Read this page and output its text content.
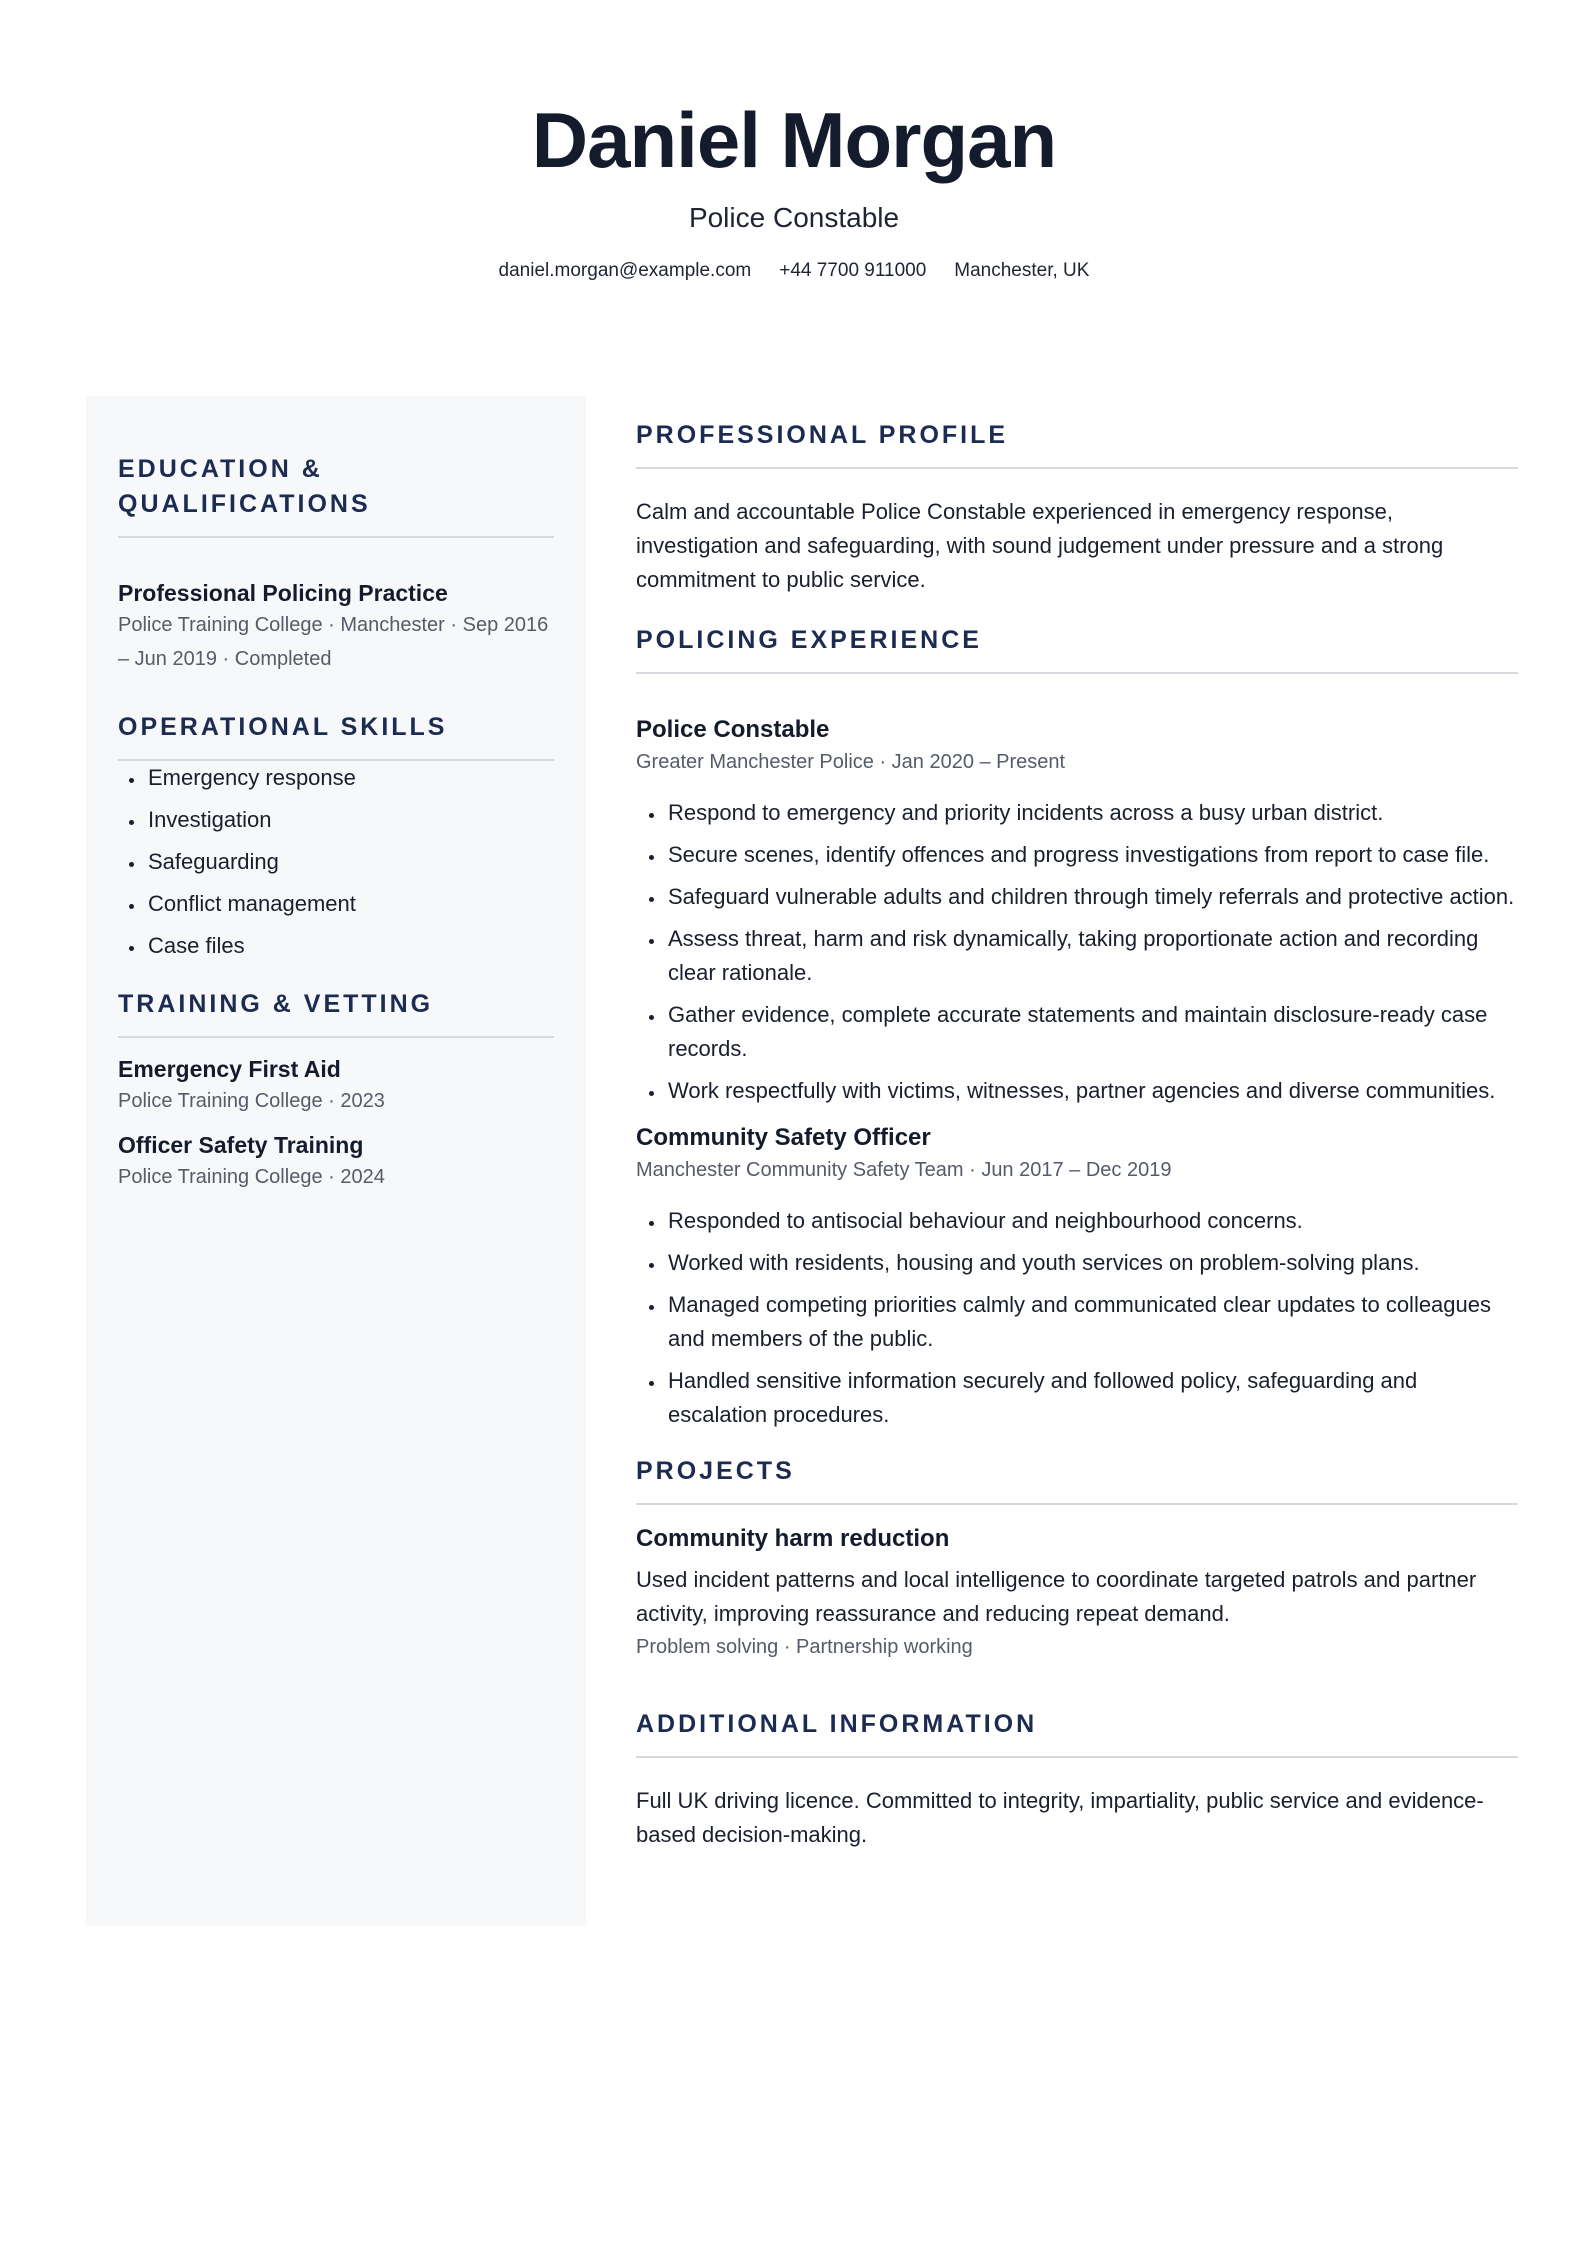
Daniel Morgan
Police Constable
daniel.morgan@example.com +44 7700 911000 Manchester, UK
EDUCATION &
QUALIFICATIONS
Professional Policing Practice
Police Training College · Manchester · Sep 2016
– Jun 2019 · Completed
OPERATIONAL SKILLS
• Emergency response
• Investigation
• Safeguarding
• Conflict management
• Case files
TRAINING & VETTING
Emergency First Aid
Police Training College · 2023
Officer Safety Training
Police Training College · 2024
PROFESSIONAL PROFILE
Calm and accountable Police Constable experienced in emergency response, investigation and safeguarding, with sound judgement under pressure and a strong commitment to public service.
POLICING EXPERIENCE
Police Constable
Greater Manchester Police · Jan 2020 – Present
• Respond to emergency and priority incidents across a busy urban district.
• Secure scenes, identify offences and progress investigations from report to case file.
• Safeguard vulnerable adults and children through timely referrals and protective action.
• Assess threat, harm and risk dynamically, taking proportionate action and recording clear rationale.
• Gather evidence, complete accurate statements and maintain disclosure-ready case records.
• Work respectfully with victims, witnesses, partner agencies and diverse communities.
Community Safety Officer
Manchester Community Safety Team · Jun 2017 – Dec 2019
• Responded to antisocial behaviour and neighbourhood concerns.
• Worked with residents, housing and youth services on problem-solving plans.
• Managed competing priorities calmly and communicated clear updates to colleagues and members of the public.
• Handled sensitive information securely and followed policy, safeguarding and escalation procedures.
PROJECTS
Community harm reduction
Used incident patterns and local intelligence to coordinate targeted patrols and partner activity, improving reassurance and reducing repeat demand.
Problem solving · Partnership working
ADDITIONAL INFORMATION
Full UK driving licence. Committed to integrity, impartiality, public service and evidence-based decision-making.
